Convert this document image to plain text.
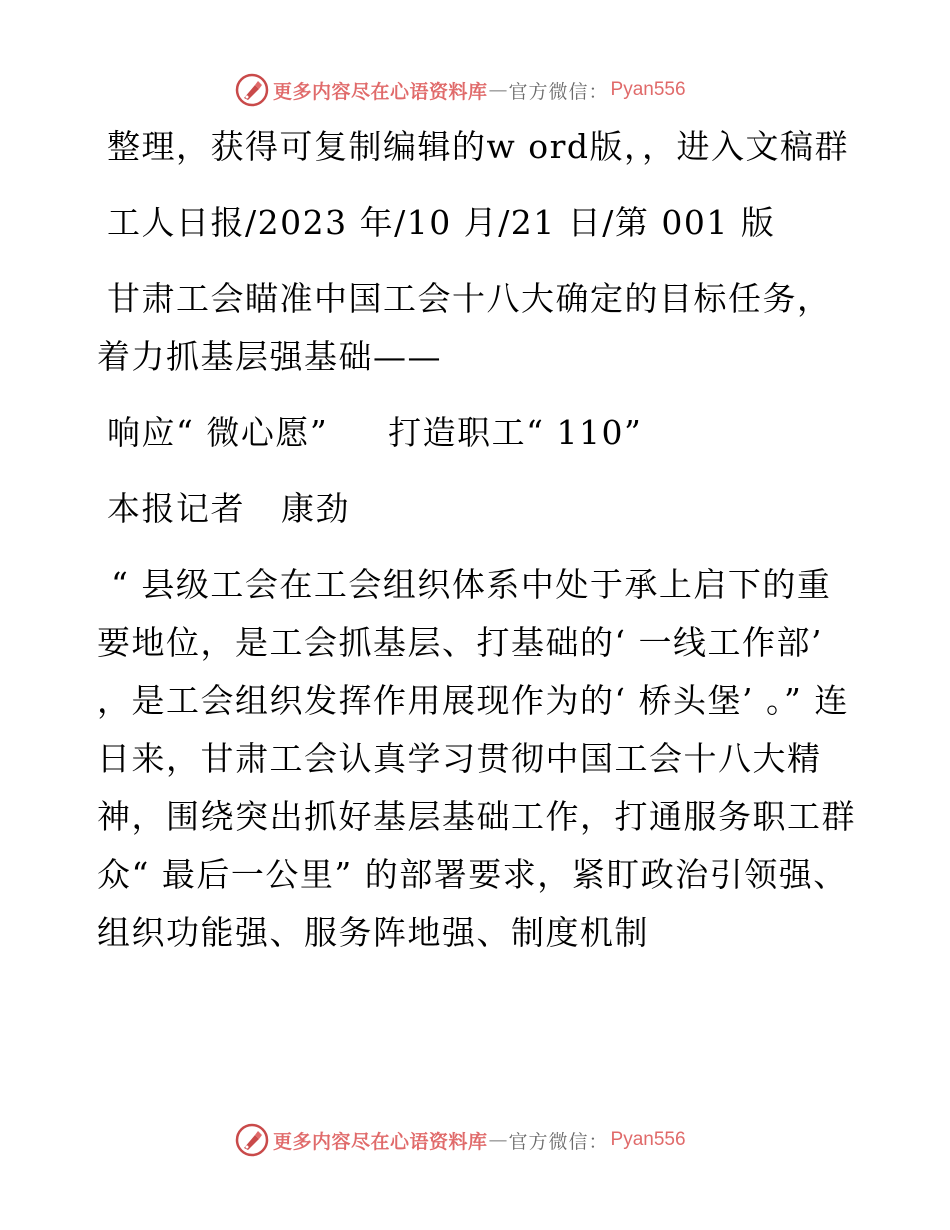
更多内容尽在心语资料库 — 官方微信： Pyan556

整理，获得可复制编辑的w ord版，，进入文稿群

工人日报/2023 年/10 月/21 日/第 001 版

甘肃工会瞄准中国工会十八大确定的目标任务，着力抓基层强基础——

响应“ 微心愿”     打造职工“ 110”

本报记者   康劲

“ 县级工会在工会组织体系中处于承上启下的重要地位，是工会抓基层、打基础的‘ 一线工作部’ ，是工会组织发挥作用展现作为的‘ 桥头堡’ 。” 连日来，甘肃工会认真学习贯彻中国工会十八大精神，围绕突出抓好基层基础工作，打通服务职工群众“ 最后一公里” 的部署要求，紧盯政治引领强、组织功能强、服务阵地强、制度机制

更多内容尽在心语资料库 — 官方微信： Pyan556
